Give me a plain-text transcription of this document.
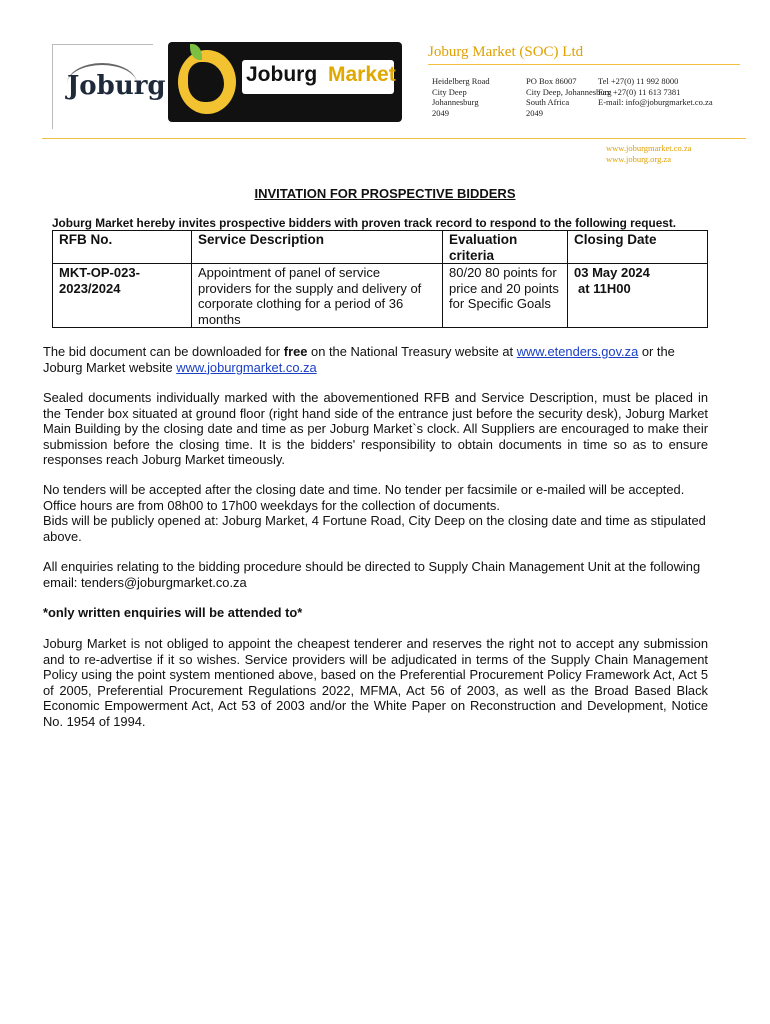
Joburg	Joburg Market
Joburg Market (SOC) Ltd
Heidelberg Road
City Deep
Johannesburg
2049
PO Box 86007
City Deep, Johannesburg
South Africa
2049
Tel +27(0) 11 992 8000
Fax +27(0) 11 613 7381
E-mail: info@joburgmarket.co.za
www.joburgmarket.co.za
www.joburg.org.za
INVITATION FOR PROSPECTIVE BIDDERS
Joburg Market hereby invites prospective bidders with proven track record to respond to the following request.
RFB No.	Service Description	Evaluation criteria	Closing Date
MKT-OP-023-2023/2024	Appointment of panel of service providers for the supply and delivery of corporate clothing for a period of 36 months	80/20 80 points for price and 20 points for Specific Goals	03 May 2024
at 11H00
The bid document can be downloaded for free on the National Treasury website at www.etenders.gov.za or the Joburg Market website www.joburgmarket.co.za
Sealed documents individually marked with the abovementioned RFB and Service Description, must be placed in the Tender box situated at ground floor (right hand side of the entrance just before the security desk), Joburg Market Main Building by the closing date and time as per Joburg Market`s clock. All Suppliers are encouraged to make their submission before the closing time. It is the bidders' responsibility to obtain documents in time so as to ensure responses reach Joburg Market timeously.

No tenders will be accepted after the closing date and time. No tender per facsimile or e-mailed will be accepted. Office hours are from 08h00 to 17h00 weekdays for the collection of documents.

Bids will be publicly opened at: Joburg Market, 4 Fortune Road, City Deep on the closing date and time as stipulated above.

All enquiries relating to the bidding procedure should be directed to Supply Chain Management Unit at the following email: tenders@joburgmarket.co.za
*only written enquiries will be attended to*
Joburg Market is not obliged to appoint the cheapest tenderer and reserves the right not to accept any submission and to re-advertise if it so wishes. Service providers will be adjudicated in terms of the Supply Chain Management Policy using the point system mentioned above, based on the Preferential Procurement Policy Framework Act, Act 5 of 2005, Preferential Procurement Regulations 2022, MFMA, Act 56 of 2003, as well as the Broad Based Black Economic Empowerment Act, Act 53 of 2003 and/or the White Paper on Reconstruction and Development, Notice No. 1954 of 1994.
